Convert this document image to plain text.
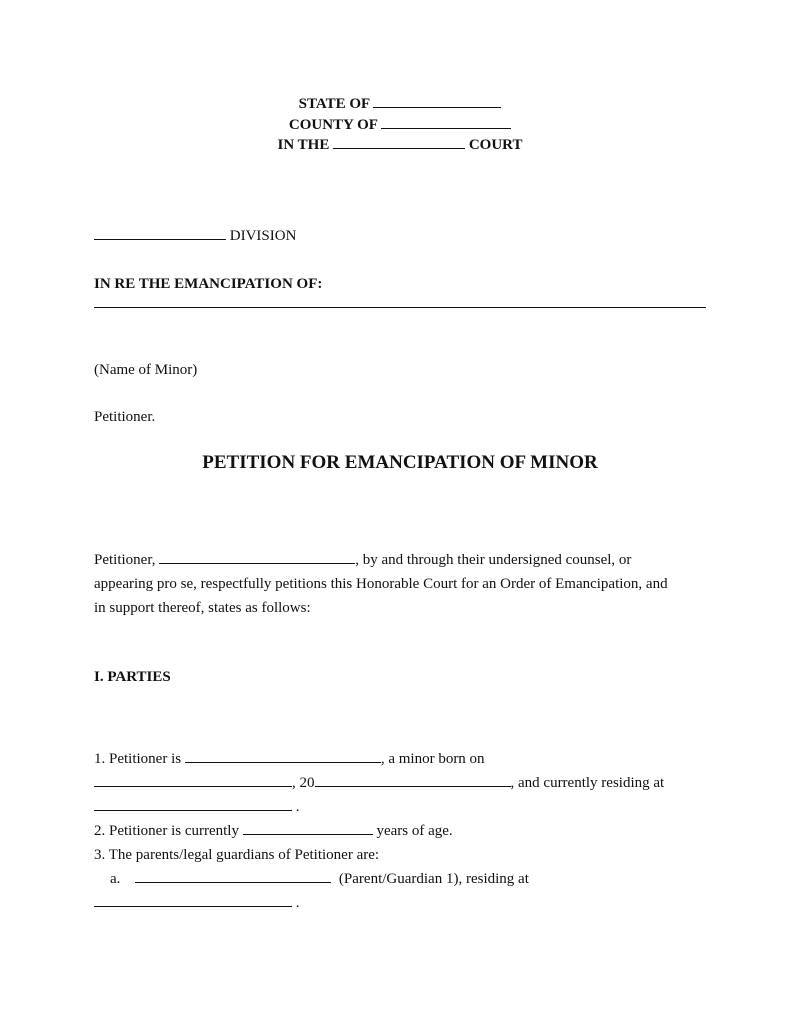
STATE OF
COUNTY OF
IN THE	COURT
DIVISION
IN RE THE EMANCIPATION OF:
(Name of Minor)
Petitioner.
PETITION FOR EMANCIPATION OF MINOR
Petitioner,	, by and through their undersigned counsel, or
appearing pro se, respectfully petitions this Honorable Court for an Order of Emancipation, and
in support thereof, states as follows:
I. PARTIES
1. Petitioner is	, a minor born on
, 20	, and currently residing at
.
2. Petitioner is currently	years of age.
3. The parents/legal guardians of Petitioner are:
a.	(Parent/Guardian 1), residing at
.
